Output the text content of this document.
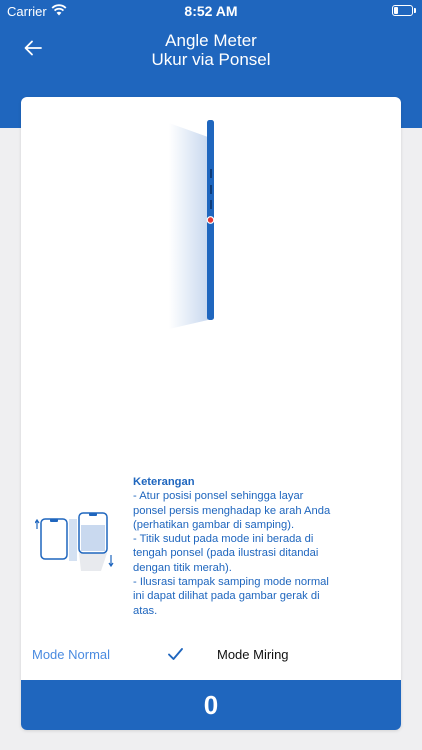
Carrier	8:52 AM
Angle Meter
Ukur via Ponsel
Keterangan
- Atur posisi ponsel sehingga layar
ponsel persis menghadap ke arah Anda
(perhatikan gambar di samping).
- Titik sudut pada mode ini berada di
tengah ponsel (pada ilustrasi ditandai
dengan titik merah).
- Ilusrasi tampak samping mode normal
ini dapat dilihat pada gambar gerak di
atas.
Mode Normal	Mode Miring
0
